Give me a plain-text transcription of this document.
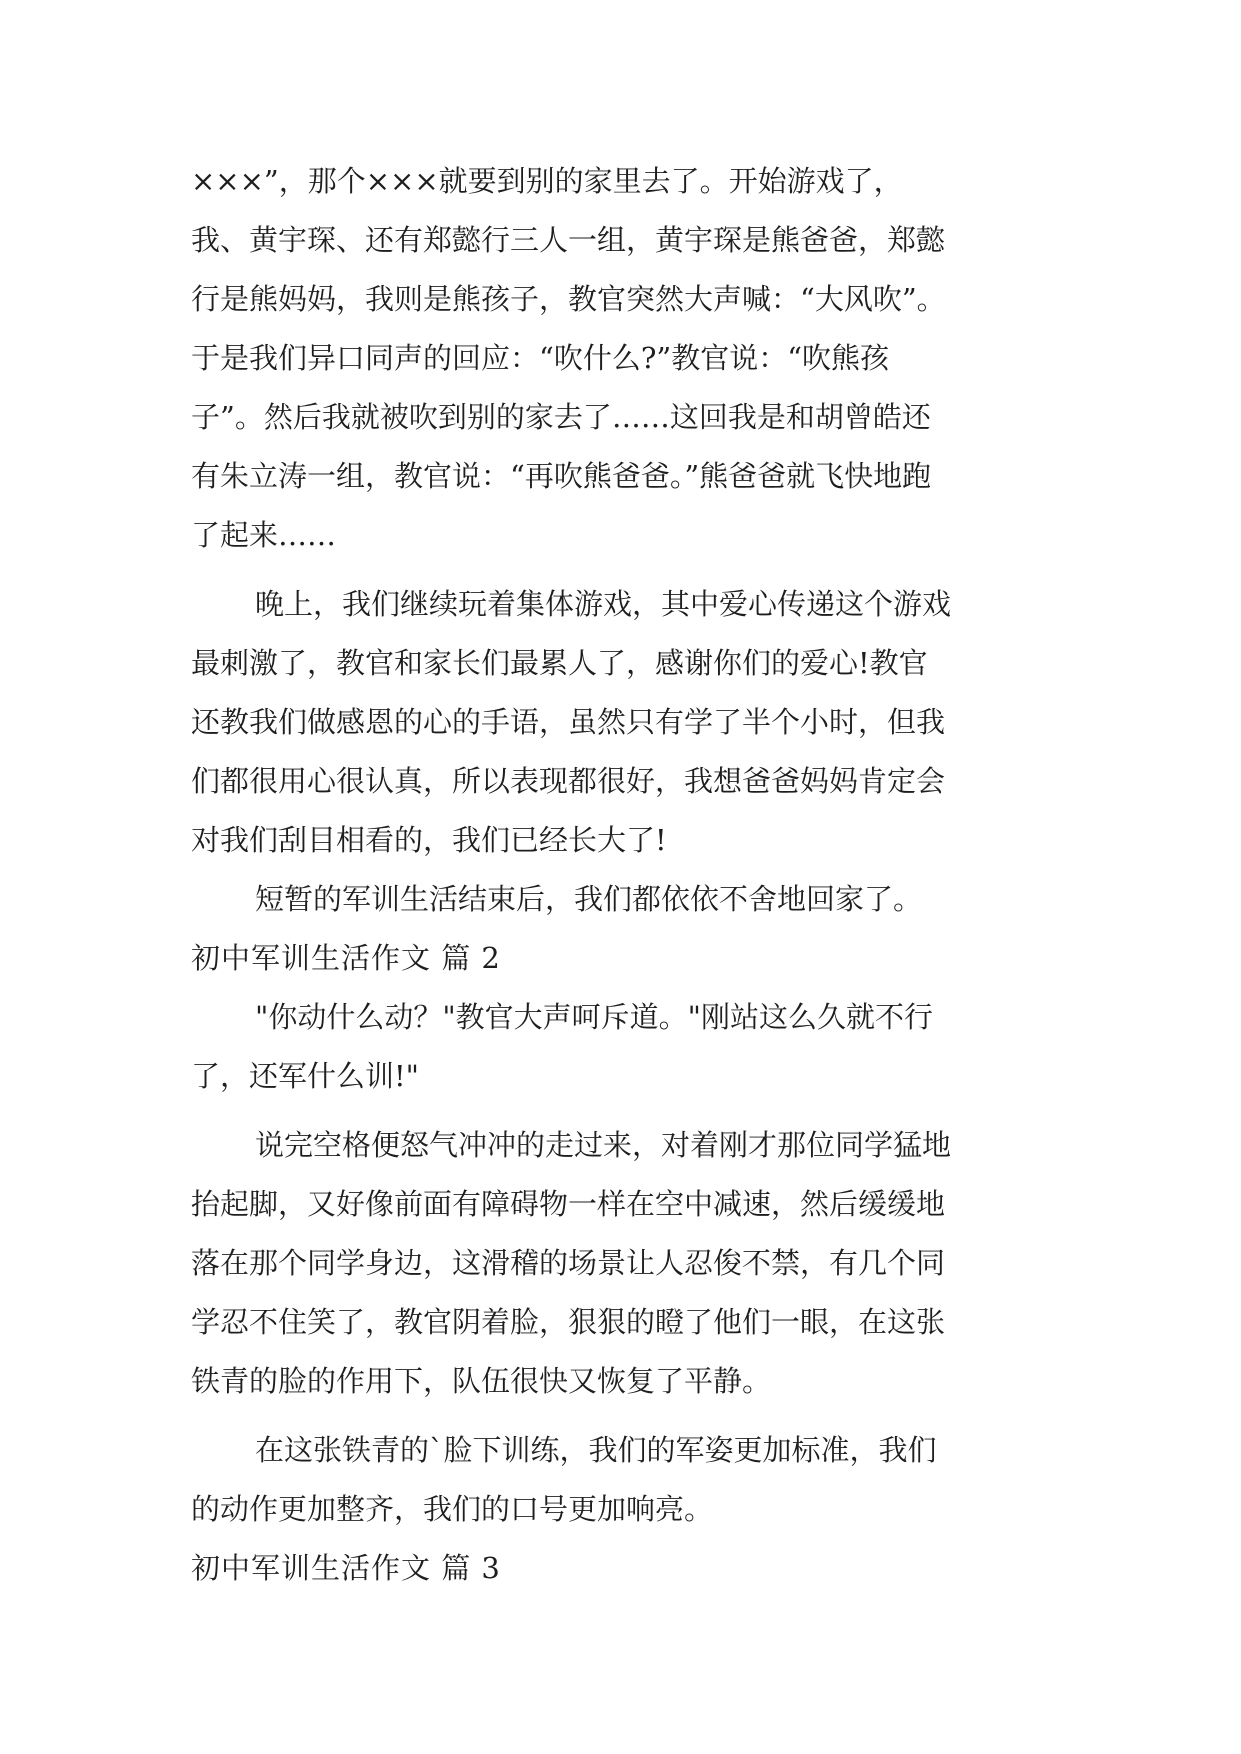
×××”，那个×××就要到别的家里去了。开始游戏了，
我、黄宇琛、还有郑懿行三人一组，黄宇琛是熊爸爸，郑懿
行是熊妈妈，我则是熊孩子，教官突然大声喊：“大风吹”。
于是我们异口同声的回应：“吹什么?”教官说：“吹熊孩
子”。然后我就被吹到别的家去了……这回我是和胡曾皓还
有朱立涛一组，教官说：“再吹熊爸爸。”熊爸爸就飞快地跑
了起来……
晚上，我们继续玩着集体游戏，其中爱心传递这个游戏
最刺激了，教官和家长们最累人了，感谢你们的爱心!教官
还教我们做感恩的心的手语，虽然只有学了半个小时，但我
们都很用心很认真，所以表现都很好，我想爸爸妈妈肯定会
对我们刮目相看的，我们已经长大了!
短暂的军训生活结束后，我们都依依不舍地回家了。
初中军训生活作文 篇 2
"你动什么动？"教官大声呵斥道。"刚站这么久就不行
了，还军什么训!"
说完空格便怒气冲冲的走过来，对着刚才那位同学猛地
抬起脚，又好像前面有障碍物一样在空中减速，然后缓缓地
落在那个同学身边，这滑稽的场景让人忍俊不禁，有几个同
学忍不住笑了，教官阴着脸，狠狠的瞪了他们一眼，在这张
铁青的脸的作用下，队伍很快又恢复了平静。
在这张铁青的`脸下训练，我们的军姿更加标准，我们
的动作更加整齐，我们的口号更加响亮。
初中军训生活作文 篇 3
